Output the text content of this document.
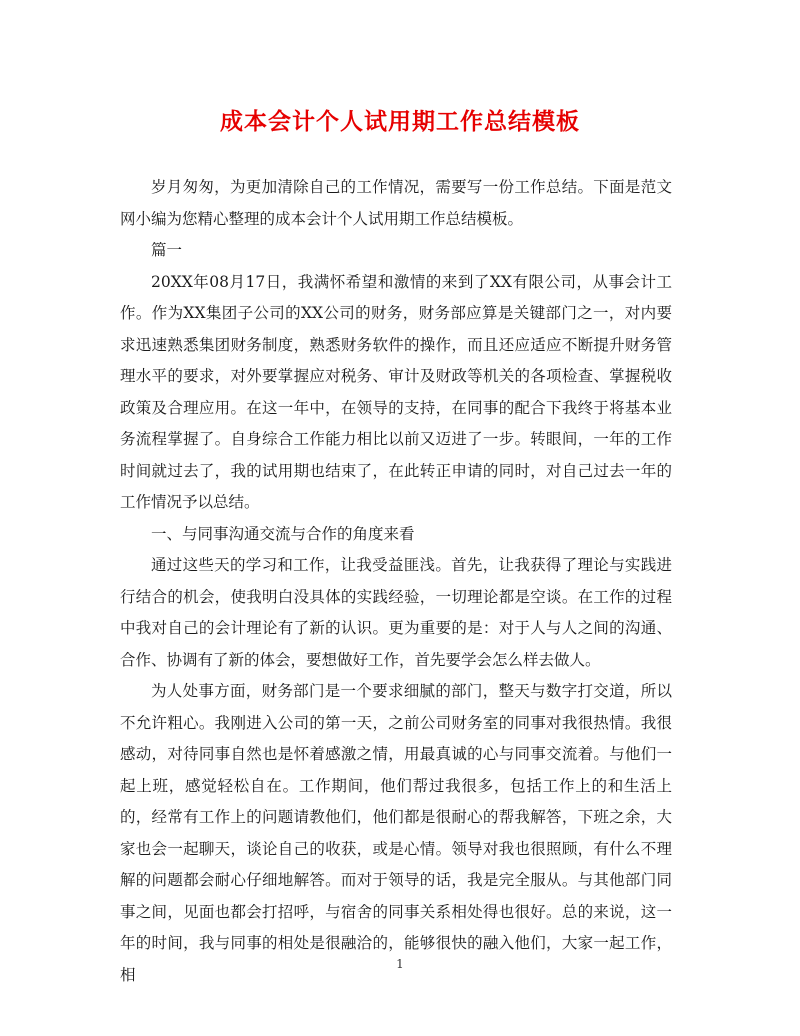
成本会计个人试用期工作总结模板

岁月匆匆，为更加清除自己的工作情况，需要写一份工作总结。下面是范文网小编为您精心整理的成本会计个人试用期工作总结模板。

篇一

20XX年08月17日，我满怀希望和激情的来到了XX有限公司，从事会计工作。作为XX集团子公司的XX公司的财务，财务部应算是关键部门之一，对内要求迅速熟悉集团财务制度，熟悉财务软件的操作，而且还应适应不断提升财务管理水平的要求，对外要掌握应对税务、审计及财政等机关的各项检查、掌握税收政策及合理应用。在这一年中，在领导的支持，在同事的配合下我终于将基本业务流程掌握了。自身综合工作能力相比以前又迈进了一步。转眼间，一年的工作时间就过去了，我的试用期也结束了，在此转正申请的同时，对自己过去一年的工作情况予以总结。

一、与同事沟通交流与合作的角度来看

通过这些天的学习和工作，让我受益匪浅。首先，让我获得了理论与实践进行结合的机会，使我明白没具体的实践经验，一切理论都是空谈。在工作的过程中我对自己的会计理论有了新的认识。更为重要的是：对于人与人之间的沟通、合作、协调有了新的体会，要想做好工作，首先要学会怎么样去做人。

为人处事方面，财务部门是一个要求细腻的部门，整天与数字打交道，所以不允许粗心。我刚进入公司的第一天，之前公司财务室的同事对我很热情。我很感动，对待同事自然也是怀着感激之情，用最真诚的心与同事交流着。与他们一起上班，感觉轻松自在。工作期间，他们帮过我很多，包括工作上的和生活上的，经常有工作上的问题请教他们，他们都是很耐心的帮我解答，下班之余，大家也会一起聊天，谈论自己的收获，或是心情。领导对我也很照顾，有什么不理解的问题都会耐心仔细地解答。而对于领导的话，我是完全服从。与其他部门同事之间，见面也都会打招呼，与宿舍的同事关系相处得也很好。总的来说，这一年的时间，我与同事的相处是很融洽的，能够很快的融入他们，大家一起工作，相

1
